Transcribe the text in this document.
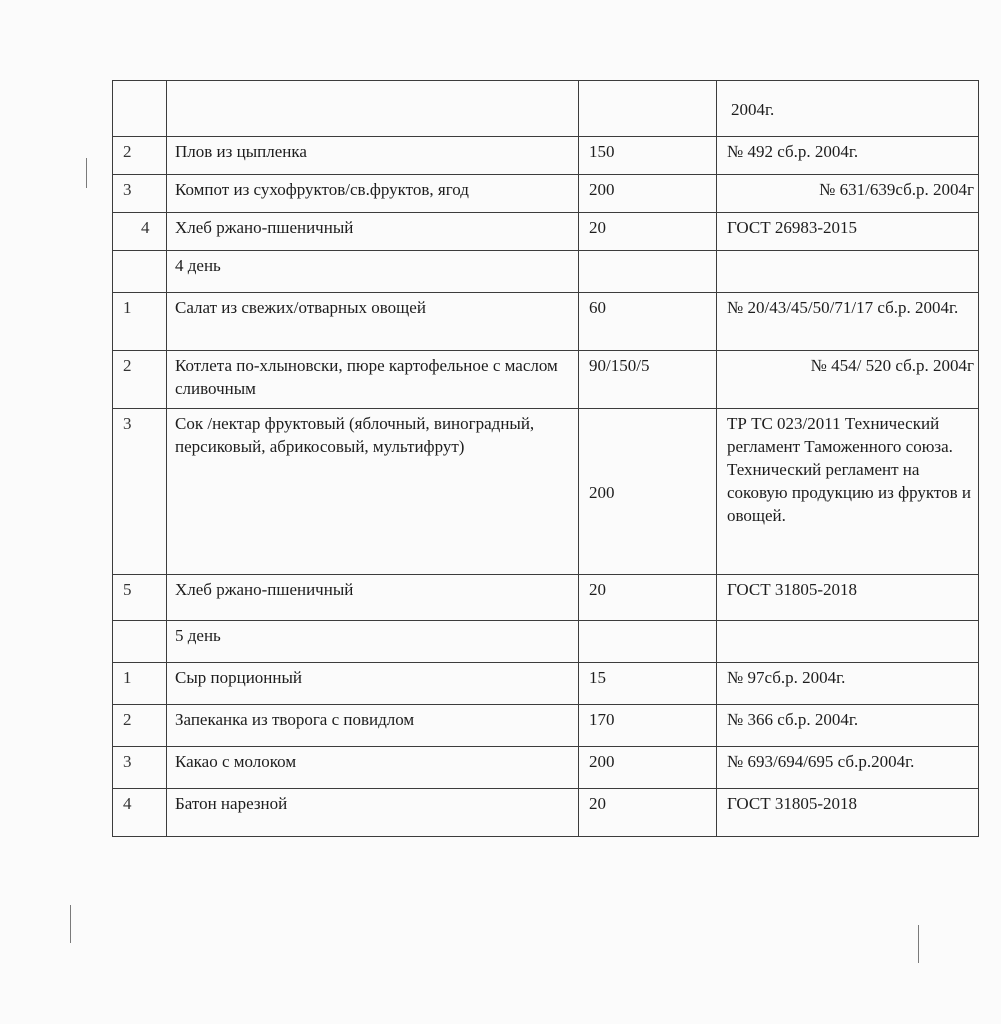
			2004г.
2	Плов из цыпленка	150	№ 492 сб.р. 2004г.
3	Компот из сухофруктов/св.фруктов, ягод	200	№ 631/639сб.р. 2004г
4	Хлеб ржано-пшеничный	20	ГОСТ 26983-2015
	4 день		
1	Салат из свежих/отварных овощей	60	№ 20/43/45/50/71/17 сб.р. 2004г.
2	Котлета по-хлыновски, пюре картофельное с маслом сливочным	90/150/5	№ 454/ 520 сб.р. 2004г
3	Сок /нектар фруктовый (яблочный, виноградный, персиковый, абрикосовый, мультифрут)	200	ТР ТС 023/2011 Технический регламент Таможенного союза. Технический регламент на соковую продукцию из фруктов и овощей.
5	Хлеб ржано-пшеничный	20	ГОСТ 31805-2018
	5 день		
1	Сыр порционный	15	№ 97сб.р. 2004г.
2	Запеканка из творога с повидлом	170	№ 366 сб.р. 2004г.
3	Какао с молоком	200	№ 693/694/695 сб.р.2004г.
4	Батон нарезной	20	ГОСТ 31805-2018
